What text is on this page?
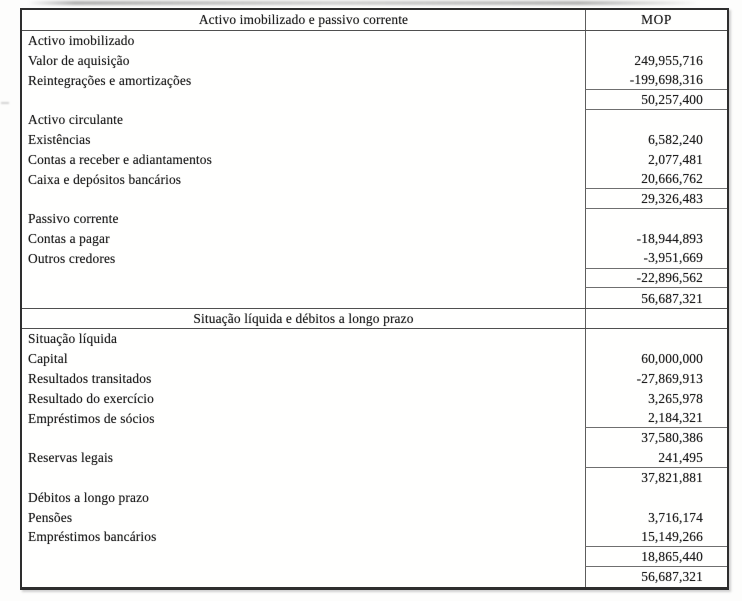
Activo imobilizado e passivo corrente	MOP
Activo imobilizado
Valor de aquisição	249,955,716
Reintegrações e amortizações	-199,698,316
50,257,400
Activo circulante
Existências	6,582,240
Contas a receber e adiantamentos	2,077,481
Caixa e depósitos bancários	20,666,762
29,326,483
Passivo corrente
Contas a pagar	-18,944,893
Outros credores	-3,951,669
-22,896,562
56,687,321
Situação líquida e débitos a longo prazo
Situação líquida
Capital	60,000,000
Resultados transitados	-27,869,913
Resultado do exercício	3,265,978
Empréstimos de sócios	2,184,321
37,580,386
Reservas legais	241,495
37,821,881
Débitos a longo prazo
Pensões	3,716,174
Empréstimos bancários	15,149,266
18,865,440
56,687,321
